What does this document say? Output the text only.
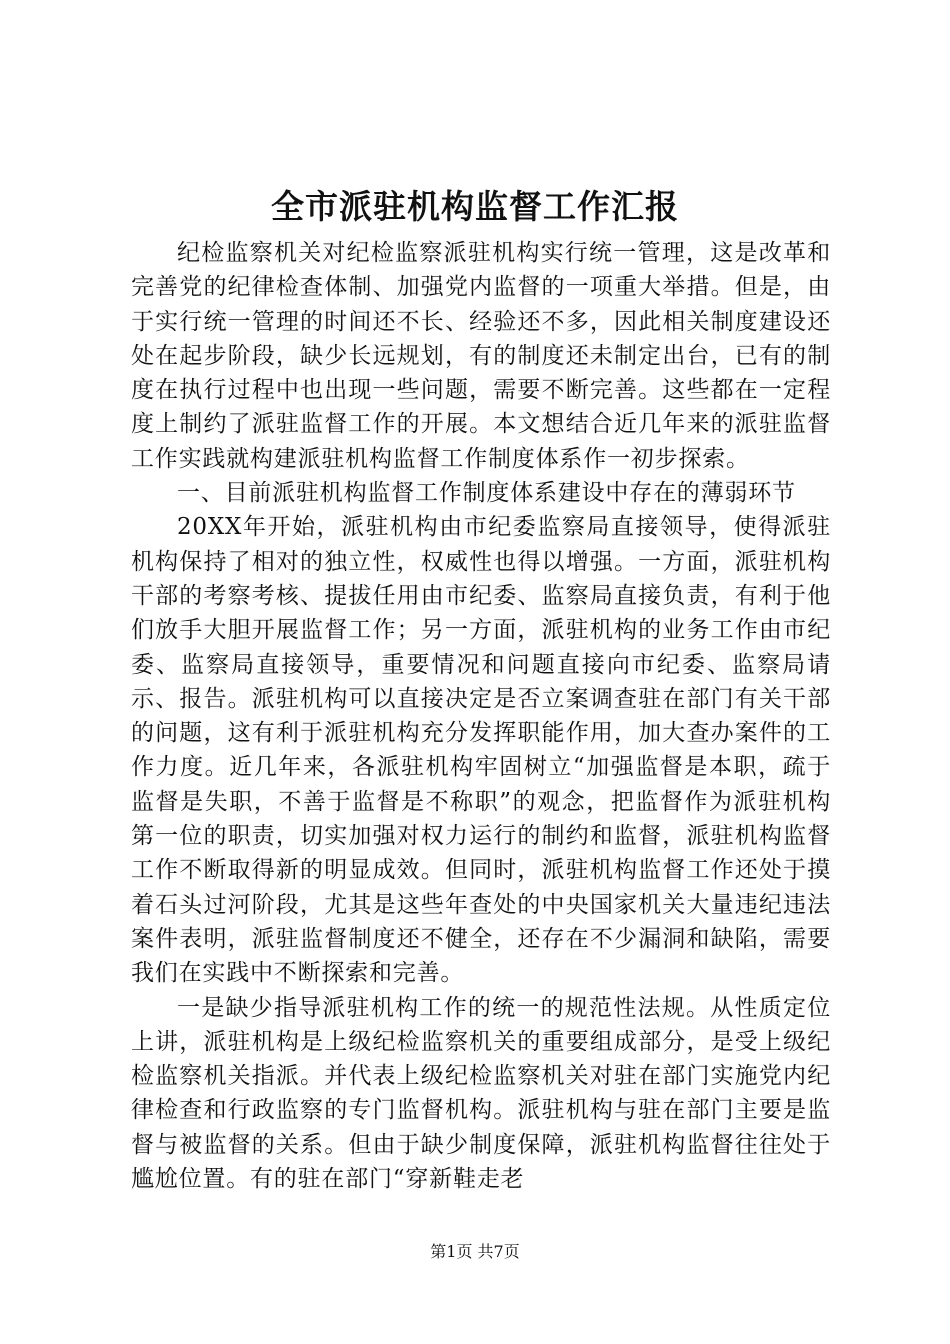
全市派驻机构监督工作汇报

纪检监察机关对纪检监察派驻机构实行统一管理，这是改革和完善党的纪律检查体制、加强党内监督的一项重大举措。但是，由于实行统一管理的时间还不长、经验还不多，因此相关制度建设还处在起步阶段，缺少长远规划，有的制度还未制定出台，已有的制度在执行过程中也出现一些问题，需要不断完善。这些都在一定程度上制约了派驻监督工作的开展。本文想结合近几年来的派驻监督工作实践就构建派驻机构监督工作制度体系作一初步探索。

一、目前派驻机构监督工作制度体系建设中存在的薄弱环节

20XX年开始，派驻机构由市纪委监察局直接领导，使得派驻机构保持了相对的独立性，权威性也得以增强。一方面，派驻机构干部的考察考核、提拔任用由市纪委、监察局直接负责，有利于他们放手大胆开展监督工作；另一方面，派驻机构的业务工作由市纪委、监察局直接领导，重要情况和问题直接向市纪委、监察局请示、报告。派驻机构可以直接决定是否立案调查驻在部门有关干部的问题，这有利于派驻机构充分发挥职能作用，加大查办案件的工作力度。近几年来，各派驻机构牢固树立“加强监督是本职，疏于监督是失职，不善于监督是不称职”的观念，把监督作为派驻机构第一位的职责，切实加强对权力运行的制约和监督，派驻机构监督工作不断取得新的明显成效。但同时，派驻机构监督工作还处于摸着石头过河阶段，尤其是这些年查处的中央国家机关大量违纪违法案件表明，派驻监督制度还不健全，还存在不少漏洞和缺陷，需要我们在实践中不断探索和完善。

一是缺少指导派驻机构工作的统一的规范性法规。从性质定位上讲，派驻机构是上级纪检监察机关的重要组成部分，是受上级纪检监察机关指派。并代表上级纪检监察机关对驻在部门实施党内纪律检查和行政监察的专门监督机构。派驻机构与驻在部门主要是监督与被监督的关系。但由于缺少制度保障，派驻机构监督往往处于尴尬位置。有的驻在部门“穿新鞋走老

第1页 共7页
